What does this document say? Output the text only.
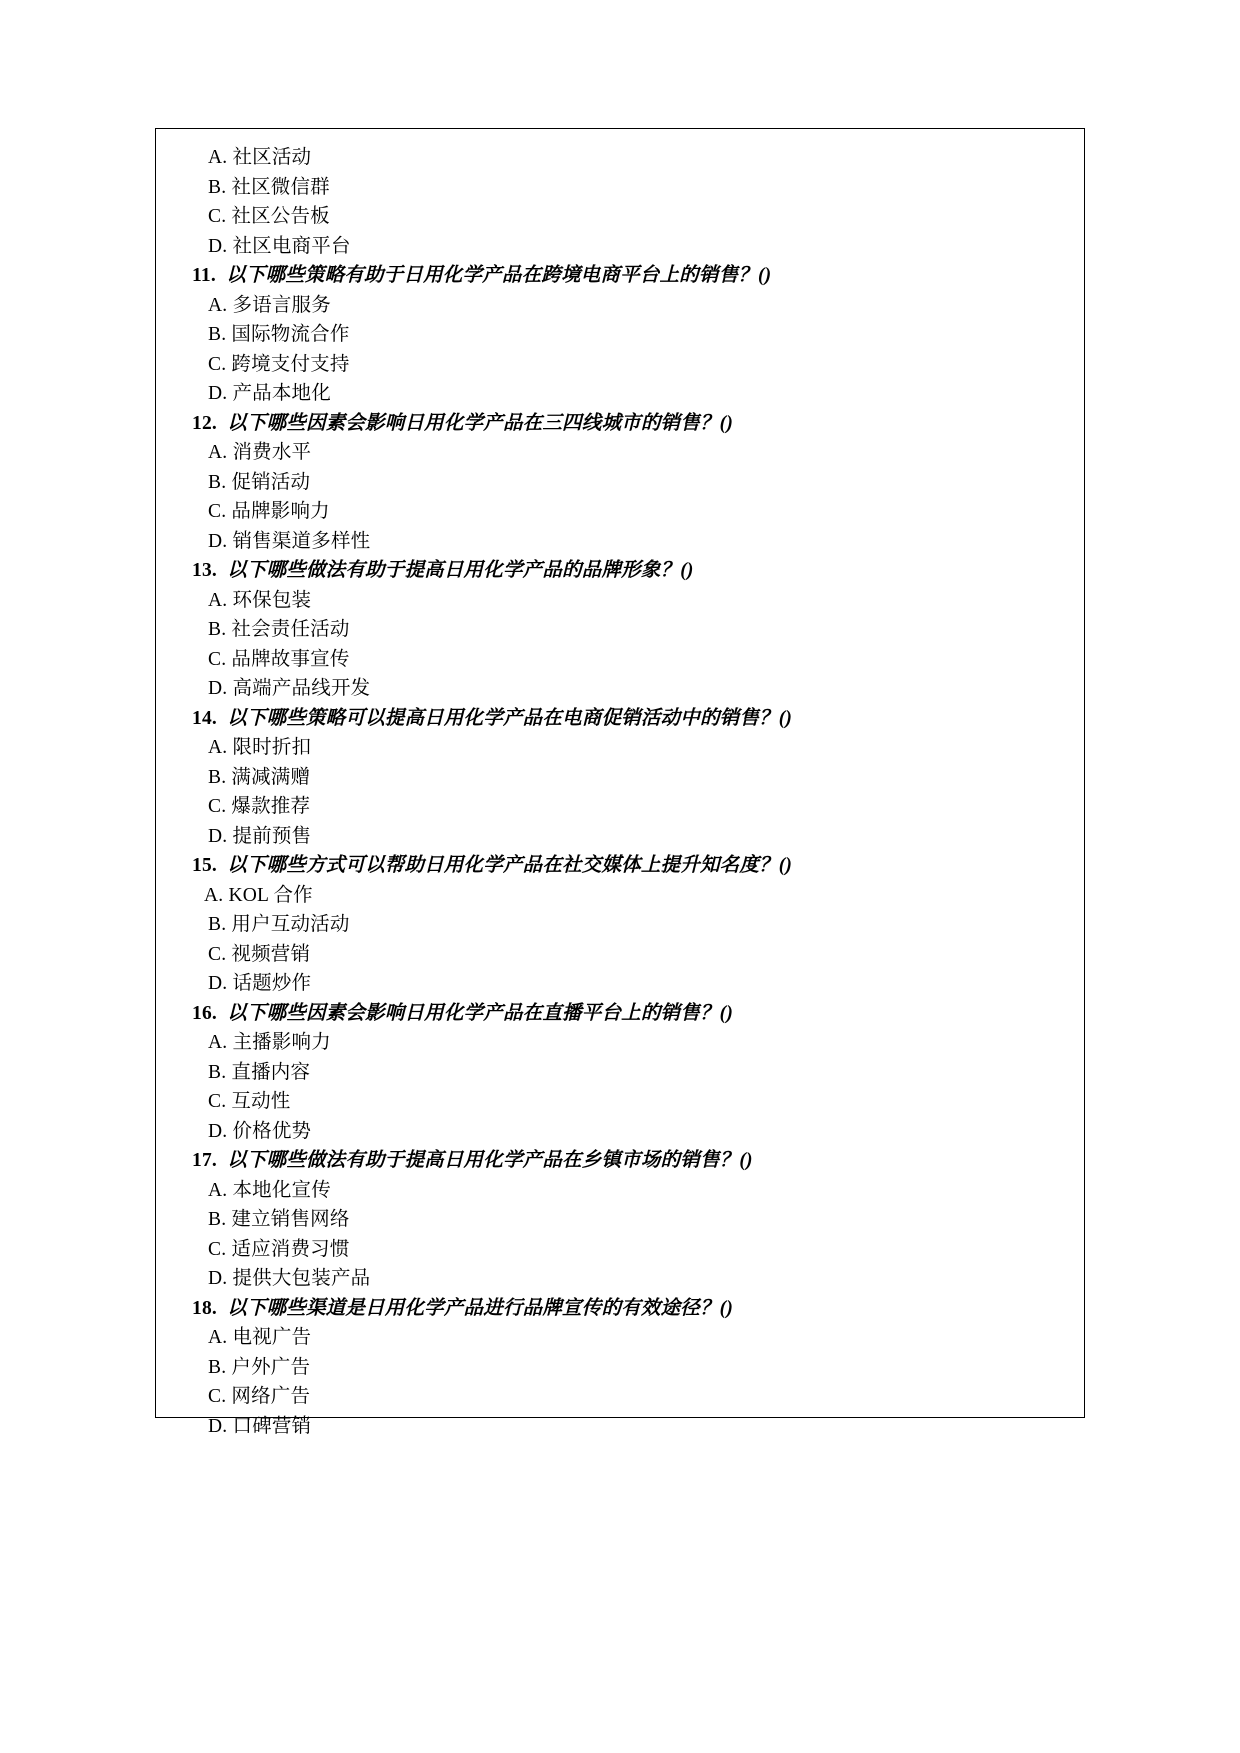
A. 社区活动
B. 社区微信群
C. 社区公告板
D. 社区电商平台
11. 以下哪些策略有助于日用化学产品在跨境电商平台上的销售？()
A. 多语言服务
B. 国际物流合作
C. 跨境支付支持
D. 产品本地化
12. 以下哪些因素会影响日用化学产品在三四线城市的销售？()
A. 消费水平
B. 促销活动
C. 品牌影响力
D. 销售渠道多样性
13. 以下哪些做法有助于提高日用化学产品的品牌形象？()
A. 环保包装
B. 社会责任活动
C. 品牌故事宣传
D. 高端产品线开发
14. 以下哪些策略可以提高日用化学产品在电商促销活动中的销售？()
A. 限时折扣
B. 满减满赠
C. 爆款推荐
D. 提前预售
15. 以下哪些方式可以帮助日用化学产品在社交媒体上提升知名度？()
A. KOL 合作
B. 用户互动活动
C. 视频营销
D. 话题炒作
16. 以下哪些因素会影响日用化学产品在直播平台上的销售？()
A. 主播影响力
B. 直播内容
C. 互动性
D. 价格优势
17. 以下哪些做法有助于提高日用化学产品在乡镇市场的销售？()
A. 本地化宣传
B. 建立销售网络
C. 适应消费习惯
D. 提供大包装产品
18. 以下哪些渠道是日用化学产品进行品牌宣传的有效途径？()
A. 电视广告
B. 户外广告
C. 网络广告
D. 口碑营销
